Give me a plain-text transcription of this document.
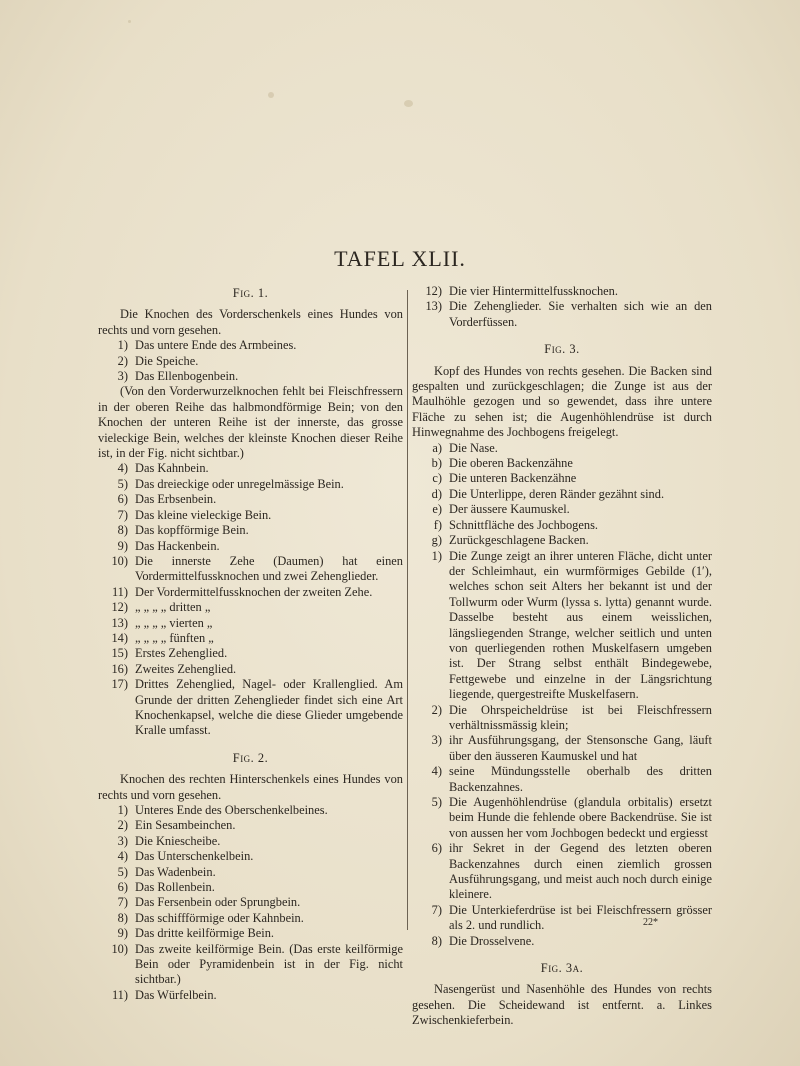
TAFEL XLII.
Fig. 1.

Die Knochen des Vorderschenkels eines Hundes von rechts und vorn gesehen.

1) Das untere Ende des Armbeines.

2) Die Speiche.

3) Das Ellenbogenbein.

(Von den Vorderwurzelknochen fehlt bei Fleischfressern in der oberen Reihe das halbmondförmige Bein; von den Knochen der unteren Reihe ist der innerste, das grosse vieleckige Bein, welches der kleinste Knochen dieser Reihe ist, in der Fig. nicht sichtbar.)

4) Das Kahnbein.

5) Das dreieckige oder unregelmässige Bein.

6) Das Erbsenbein.

7) Das kleine vieleckige Bein.

8) Das kopfförmige Bein.

9) Das Hackenbein.

10) Die innerste Zehe (Daumen) hat einen Vordermittelfussknochen und zwei Zehenglieder.

11) Der Vordermittelfussknochen der zweiten Zehe.

12) „ „ „ „ dritten „

13) „ „ „ „ vierten „

14) „ „ „ „ fünften „

15) Erstes Zehenglied.

16) Zweites Zehenglied.

17) Drittes Zehenglied, Nagel- oder Krallenglied. Am Grunde der dritten Zehenglieder findet sich eine Art Knochenkapsel, welche die diese Glieder umgebende Kralle umfasst.

Fig. 2.

Knochen des rechten Hinterschenkels eines Hundes von rechts und vorn gesehen.

1) Unteres Ende des Oberschenkelbeines.

2) Ein Sesambeinchen.

3) Die Kniescheibe.

4) Das Unterschenkelbein.

5) Das Wadenbein.

6) Das Rollenbein.

7) Das Fersenbein oder Sprungbein.

8) Das schiffförmige oder Kahnbein.

9) Das dritte keilförmige Bein.

10) Das zweite keilförmige Bein. (Das erste keilförmige Bein oder Pyramidenbein ist in der Fig. nicht sichtbar.)

11) Das Würfelbein.

12) Die vier Hintermittelfussknochen.

13) Die Zehenglieder. Sie verhalten sich wie an den Vorderfüssen.

Fig. 3.

Kopf des Hundes von rechts gesehen. Die Backen sind gespalten und zurückgeschlagen; die Zunge ist aus der Maulhöhle gezogen und so gewendet, dass ihre untere Fläche zu sehen ist; die Augenhöhlendrüse ist durch Hinwegnahme des Jochbogens freigelegt.

a) Die Nase.

b) Die oberen Backenzähne

c) Die unteren Backenzähne

d) Die Unterlippe, deren Ränder gezähnt sind.

e) Der äussere Kaumuskel.

f) Schnittfläche des Jochbogens.

g) Zurückgeschlagene Backen.

1) Die Zunge zeigt an ihrer unteren Fläche, dicht unter der Schleimhaut, ein wurmförmiges Gebilde (1′), welches schon seit Alters her bekannt ist und der Tollwurm oder Wurm (lyssa s. lytta) genannt wurde. Dasselbe besteht aus einem weisslichen, längsliegenden Strange, welcher seitlich und unten von querliegenden rothen Muskelfasern umgeben ist. Der Strang selbst enthält Bindegewebe, Fettgewebe und einzelne in der Längsrichtung liegende, quergestreifte Muskelfasern.

2) Die Ohrspeicheldrüse ist bei Fleischfressern verhältnissmässig klein;

3) ihr Ausführungsgang, der Stensonsche Gang, läuft über den äusseren Kaumuskel und hat

4) seine Mündungsstelle oberhalb des dritten Backenzahnes.

5) Die Augenhöhlendrüse (glandula orbitalis) ersetzt beim Hunde die fehlende obere Backendrüse. Sie ist von aussen her vom Jochbogen bedeckt und ergiesst

6) ihr Sekret in der Gegend des letzten oberen Backenzahnes durch einen ziemlich grossen Ausführungsgang, und meist auch noch durch einige kleinere.

7) Die Unterkieferdrüse ist bei Fleischfressern grösser als 2. und rundlich.

8) Die Drosselvene.

Fig. 3a.

Nasengerüst und Nasenhöhle des Hundes von rechts gesehen. Die Scheidewand ist entfernt. a. Linkes Zwischenkieferbein.

22*
